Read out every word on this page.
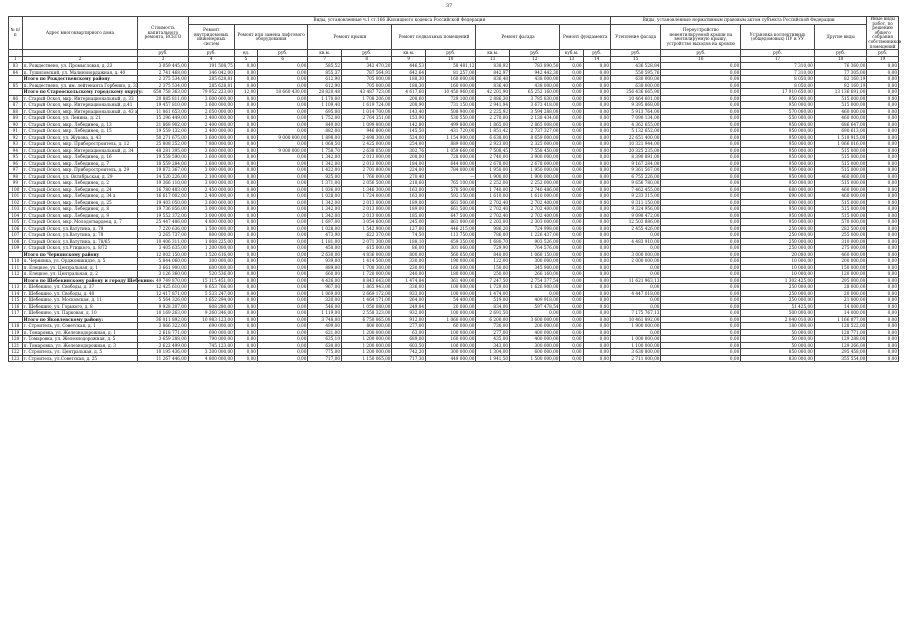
37
№ п/п	Адрес многоквартирного дома	Стоимость капитального ремонта, ВСЕГО	Виды, установленные ч.1 ст.166 Жилищного кодекса Российской Федерации											Виды, установленные нормативным правовым актом субъекта Российской Федерации				Иные виды работ, по решению общего собрания собственников помещений
			Ремонт внутридомовых инженерных систем	Ремонт или замена лифтового оборудования		Ремонт крыши		Ремонт подвальных помещений		Ремонт фасада		Ремонт фундамента		Утепление фасада	Переустройство невентилируемой крыши на вентилируемую крышу, устройство выходов на кровлю	Установка коллективных (общедомовых) ПУ и УУ	Другие виды	
		руб.	руб.	ед.	руб.	кв.м.	руб.	кв.м.	руб.	кв.м.	руб.	куб.м.	руб.	руб.	руб.	руб.	руб.	руб.
1	2	3	4	5	6	7	8	9	10	11	12	13	14	15	16	17	18	19
83	п. Рождествено, ул. Промысловая, д. 23	3 059 445,00	191 508,75	0,00	0,00	585,52	342 470,20	446,53	58 481,12	838,92	783 890,50	0,00	0,00	436 528,84	0,00	7 310,00	76 360,00	0,00
84	п. Тушиловский, ул. Малинонордажная, д. 40	2 741 468,00	346 042,00	0,00	0,00	855,37	787 564,91	642,64	81 257,00	842,97	942 442,30	0,00	0,00	550 595,76	0,00	7 310,00	77 305,00	0,00
	Итого по Рождественскому району	2 375 534,00	285 628,81	0,00	0,00	612,90	705 000,00	188,30	160 000,00	836,40	438 000,00	0,00	0,00	630 000,00	0,00	8 050,00	82 160,19	0,00
85	п. Рождествено, ул. им. лейтенанта Горбенко, д. 33	2 375 534,00	285 628,81	0,00	0,00	612,90	705 000,00	188,30	160 000,00	836,40	438 000,00	0,00	0,00	630 000,00	0,00	8 050,00	82 160,19	0,00
	Итого по Старооскольскому городскому округу:	658 758 363,00	79 952 223,00	12,00	18 660 430,00	28 820,48	43 487 723,00	4 617,60	10 450 960,00	42 201,90	65 252 160,00	0,00	0,00	256 436 665,90	0,00	17 910 650,00	13 136 691,00	0,00
86	г. Старый Оскол, мкр. Интернациональный, д. 33	20 885 811,00	3 600 000,00	0,00	0,00	1 170,00	1 708 206,00	208,60	729 100,00	2 886,30	3 785 830,00	0,00	0,00	10 464 601,00	0,00	950 000,00	515 000,00	0,00
87	г. Старый Оскол, мкр. Интернациональный, д.41	19 457 810,00	3 600 000,00	0,00	0,00	1 109,40	1 619 724,00	208,90	731 150,00	2 941,94	3 673 418,00	0,00	0,00	9 395 868,00	0,00	950 000,00	515 000,00	0,00
88	г. Старый Оскол, мкр. Интернациональный, д. 43 а	11 861 653,00	2 050 000,00	0,00	0,00	695,00	1 014 700,00	143,40	508 900,00	2 225,92	3 594 288,00	0,00	0,00	5 913 764,00	0,00	570 000,00	460 000,00	0,00
89	г. Старый Оскол, ул. Ленина, д. 21	15 296 449,00	2 400 000,00	0,00	0,00	1 752,00	2 764 351,00	153,90	530 550,00	2 270,00	2 138 434,00	0,00	0,00	7 090 134,00	0,00	550 000,00	460 000,00	0,00
90	г. Старый Оскол, мкр. Лебединец, д. 13	21 868 902,00	2 400 000,00	0,00	0,00	840,00	1 099 800,00	142,80	499 800,00	1 865,00	2 865 008,00	0,00	0,00	4 362 655,00	0,00	950 000,00	686 647,00	0,00
91	г. Старый Оскол, мкр. Лебединец, д. 15	19 559 132,00	2 400 000,00	0,00	0,00	882,00	946 800,00	145,50	431 720,00	1 851,42	2 737 327,00	0,00	0,00	5 132 652,00	0,00	950 000,00	690 613,00	0,00
92	г. Старый Оскол, ул. Жукова, д. 43	50 271 675,00	3 600 000,00	0,00	9 000 000,00	1 898,00	2 498 300,00	524,00	1 154 900,00	6 638,00	8 659 000,00	0,00	0,00	22 651 400,00	0,00	950 000,00	1 518 915,00	0,00
93	г. Старый Оскол, мкр. Приборостроитель, д. 12	25 808 252,00	7 800 000,00	0,00	0,00	1 068,50	2 425 000,00	254,00	889 000,00	2 923,00	2 325 000,00	0,00	0,00	10 321 944,00	0,00	950 000,00	1 066 016,00	0,00
94	г. Старый Оскол, мкр. Интернациональный, д. 34	48 281 395,00	3 600 000,00	0,00	9 000 000,00	1 758,70	2 638 050,00	302,76	1 059 660,00	7 508,45	7 558 450,00	0,00	0,00	20 325 235,00	0,00	950 000,00	515 000,00	0,00
95	г. Старый Оскол, мкр. Лебединец, д. 16	19 558 590,00	3 600 000,00	0,00	0,00	1 342,00	2 013 000,00	208,00	728 000,00	2 740,00	3 900 000,00	0,00	0,00	8 390 891,00	0,00	950 000,00	515 000,00	0,00
96	г. Старый Оскол, мкр. Лебединец, д. 7	18 559 284,00	3 600 000,00	0,00	0,00	1 342,00	2 013 000,00	184,00	644 000,00	2 678,00	2 678 000,00	0,00	0,00	9 167 284,00	0,00	950 000,00	515 000,00	0,00
97	г. Старый Оскол, мкр. Приборостроитель, д. 29	19 872 367,00	3 000 000,00	0,00	0,00	1 422,00	2 701 800,00	224,00	784 000,00	1 950,00	1 950 000,00	0,00	0,00	9 361 567,00	0,00	950 000,00	515 000,00	0,00
98	г. Старый Оскол, ул. Октябрьская, д. 29	14 520 226,00	2 100 000,00	0,00	0,00	925,00	1 760 000,00	270,40	—	1 900,00	1 900 000,00	0,00	0,00	6 755 226,00	0,00	950 000,00	460 000,00	0,00
99	г. Старый Оскол, мкр. Лебединец, д. 2	19 366 110,00	3 000 000,00	0,00	0,00	1 371,00	2 056 500,00	218,60	765 100,00	2 252,00	2 252 000,00	0,00	0,00	9 656 780,00	0,00	950 000,00	515 000,00	0,00
100	г. Старый Оскол, мкр. Лебединец, д. 24	16 780 483,00	2 450 000,00	0,00	0,00	1 036,00	1 346 300,00	163,00	570 500,00	1 740,00	2 740 486,00	0,00	0,00	7 462 455,00	0,00	680 000,00	460 000,00	0,00
101	г. Старый Оскол, мкр. Лебединец, д. 34 а	16 617 002,00	2 400 000,00	0,00	0,00	1 028,00	1 724 000,00	163,00	592 150,00	1 610,00	1 610 000,00	0,00	0,00	9 233 315,00	0,00	690 000,00	460 000,00	0,00
102	г. Старый Оскол, мкр. Лебединец, д. 25	19 403 050,00	3 600 000,00	0,00	0,00	1 342,00	2 013 000,00	189,00	661 500,00	2 702,40	2 702 400,00	0,00	0,00	9 311 150,00	0,00	600 000,00	515 000,00	0,00
103	г. Старый Оскол, мкр. Лебединец, д. 8	19 736 856,00	3 000 000,00	0,00	0,00	1 342,00	2 013 000,00	189,00	661 500,00	2 702,40	2 702 400,00	0,00	0,00	9 324 956,00	0,00	950 000,00	515 000,00	0,00
104	г. Старый Оскол, мкр. Лебединец, д. 9	19 552 372,00	3 000 000,00	0,00	0,00	1 342,00	2 013 000,00	185,00	647 500,00	2 702,40	2 702 400,00	0,00	0,00	9 098 472,00	0,00	950 000,00	515 000,00	0,00
105	г. Старый Оскол, мкр. Молодогвардеец, д. 7	25 447 486,00	4 800 000,00	0,00	0,00	1 697,00	3 054 600,00	245,00	861 000,00	2 203,00	2 303 000,00	0,00	0,00	12 503 886,00	0,00	950 000,00	570 000,00	0,00
106	г. Старый Оскол, ул.Ватутина, д. 79	7 220 636,00	1 500 000,00	0,00	0,00	1 028,00	1 542 900,00	127,00	446 215,00	986,20	724 998,00	0,00	0,00	2 455 426,00	0,00	250 000,00	282 500,00	0,00
107	г. Старый Оскол, ул.Ватутина, д. 78	3 265 737,00	800 000,00	0,00	0,00	473,90	622 370,00	74,50	113 750,00	786,00	1 226 437,00	0,00	0,00	0,00	0,00	250 000,00	255 000,00	0,00
108	г. Старый Оскол, ул.Ватутина, д. 78/65	10 406 311,00	1 808 225,00	0,00	0,00	1 181,00	2 071 300,00	188,10	659 350,00	1 680,70	903 526,00	0,00	0,00	4 483 910,00	0,00	250 000,00	310 000,00	0,00
109	г. Старый Оскол, ул.Утицкого, д. 8/72	3 405 635,00	1 200 000,00	0,00	0,00	450,00	615 000,00	86,00	301 060,00	729,90	764 576,00	0,00	0,00	0,00	0,00	250 000,00	275 000,00	0,00
	Итого по Чернянскому району	12 002 150,00	1 520 616,00	0,00	0,00	2 630,00	4 836 000,00	800,00	560 050,00	840,00	1 068 150,00	0,00	0,00	3 000 000,00	0,00	20 080,00	460 000,00	0,00
110	п. Чернянка, ул. Орджоникидзе, д. 5	5 844 060,00	300 000,00	0,00	0,00	939,00	1 414 500,00	330,00	190 000,00	122,00	300 000,00	0,00	0,00	2 000 000,00	0,00	10 000,00	200 000,00	0,00
111	п. Елецкое, ул. Центральная, д. 1	3 661 900,00	600 000,00	0,00	0,00	889,00	1 700 300,00	230,00	160 000,00	150,00	345 900,00	0,00	0,00	0,00	0,00	10 000,00	150 000,00	0,00
112	п. Елецкое, ул. Центральная, д. 2	3 126 360,00	520 536,00	0,00	0,00	660,00	1 720 000,00	240,00	180 000,00	250,00	266 160,00	0,00	0,00	0,00	0,00	10 000,00	120 000,00	0,00
	Итого по Шебекинскому району и городу Шебекино:	49 749 870,00	15 115 451,00	0,00	0,00	4 426,00	8 843 643,00	1 474,84	361 400,00	7 247,50	2 754 377,54	0,00	0,00	11 621 963,13	0,00	1 302 425,00	295 000,00	0,00
113	г. Шебекино, ул. Свободы, д. 37	12 425 610,00	8 653 766,00	0,00	0,00	967,00	1 865 943,00	336,00	100 000,00	1 729,00	1 626 900,00	0,00	0,00	0,00	0,00	250 000,00	28 000,00	0,00
114	г. Шебекино, ул. Свободы, д. 48	12 417 871,00	5 533 247,00	0,00	0,00	1 069,00	2 669 172,00	933,00	100 000,00	1 474,00	0,00	0,00	0,00	4 447 018,00	0,00	250 000,00	20 000,00	0,00
115	г. Шебекино, ул. Московская, д. 11	5 564 326,00	1 652 294,00	0,00	0,00	320,00	1 464 171,00	264,00	54 400,00	519,00	409 918,00	0,00	0,00	0,00	0,00	250 000,00	21 000,00	0,00
116	г. Шебекино, ул. Горького, д. 8	9 928 207,00	808 280,00	0,00	0,00	546,00	1 050 080,00	249,84	20 000,00	834,00	597 478,54	0,00	0,00	0,00	0,00	51 425,00	14 000,00	0,00
117	г. Шебекино, ул. Парковая, д. 10	10 169 263,00	9 260 346,00	0,00	0,00	1 119,00	2 558 323,00	932,00	100 000,00	2 691,50	0,00	0,00	0,00	7 175 767,13	0,00	500 000,00	14 000,00	0,00
	Итого по Яковлевскому району:	36 011 892,00	10 983 123,00	0,00	0,00	3 748,00	6 750 065,00	912,00	1 060 000,00	6 200,00	3 600 000,00	0,00	0,00	10 461 892,00	0,00	2 040 010,00	1 166 877,00	0,00
118	г. Строитель, ул. Советская, д. 1	3 866 322,00	690 000,00	0,00	0,00	499,00	800 000,00	277,00	60 000,00	730,00	200 000,00	0,00	0,00	1 900 000,00	0,00	180 000,00	128 522,00	0,00
119	п. Томаровка, ул. Железнодорожная, д. 1	2 618 771,00	690 000,00	0,00	0,00	621,00	1 200 000,00	63,00	100 000,00	277,00	400 000,00	0,00	0,00	0,00	0,00	50 000,00	128 771,00	0,00
120	г. Томаровка, ул. Железнодорожная, д. 5	3 659 288,00	790 000,00	0,00	0,00	635,10	1 200 000,00	689,00	160 000,00	435,00	400 000,00	0,00	0,00	1 000 000,00	0,00	50 000,00	129 288,00	0,00
121	п. Томаровка, ул. Железнодорожная, д. 3	3 622 499,00	745 123,00	0,00	0,00	630,00	1 200 000,00	603,50	100 000,00	343,00	300 000,00	0,00	0,00	1 100 000,00	0,00	50 000,00	129 266,00	0,00
122	г. Строитель, ул. Центральная, д. 5	10 195 436,00	3 200 000,00	0,00	0,00	775,00	1 200 000,00	742,20	300 000,00	1 304,00	600 000,00	0,00	0,00	3 630 800,00	0,00	850 000,00	295 458,00	0,00
123	г. Строитель, ул.Советская, д. 25	11 267 446,00	4 800 000,00	0,00	0,00	717,00	1 150 065,00	717,30	449 000,00	1 941,50	1 500 000,00	0,00	0,00	2 711 000,00	0,00	830 000,00	355 554,00	0,00
